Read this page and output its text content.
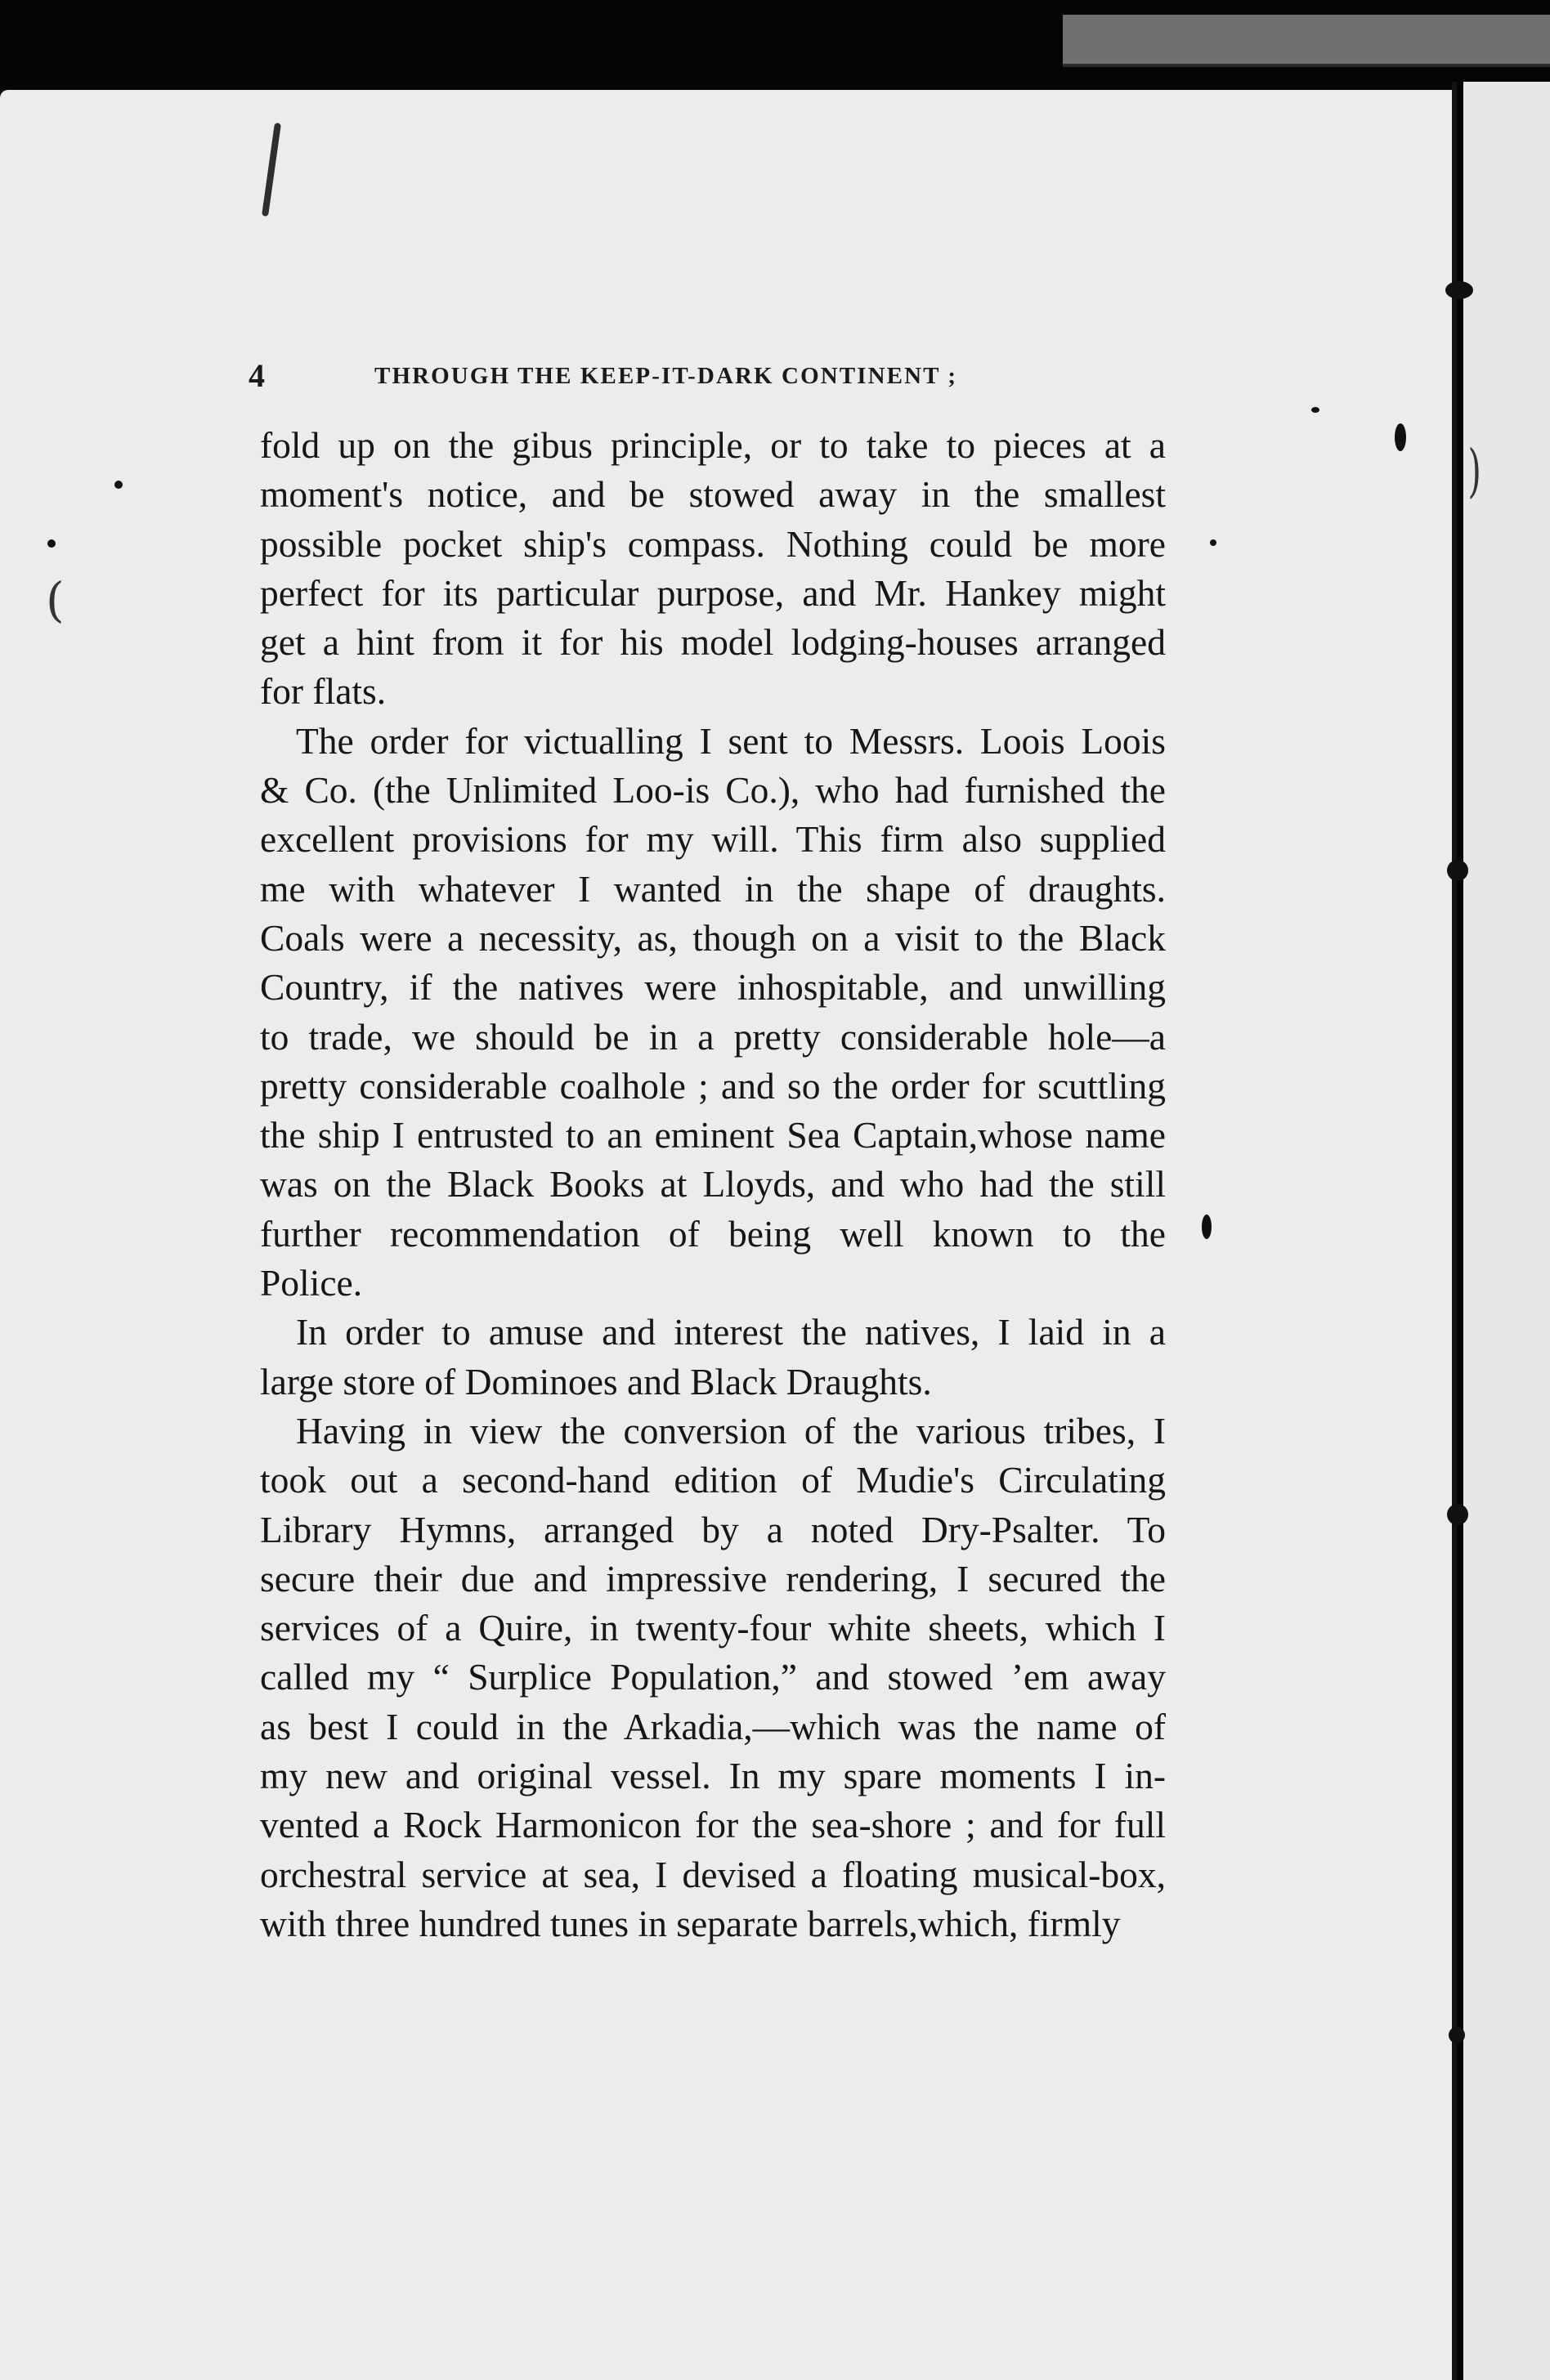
)
(
4	THROUGH THE KEEP-IT-DARK CONTINENT ;
fold up on the gibus principle, or to take to pieces at a
moment's notice, and be stowed away in the smallest
possible pocket ship's compass. Nothing could be more
perfect for its particular purpose, and Mr. Hankey might
get a hint from it for his model lodging-houses arranged
for flats.
The order for victualling I sent to Messrs. Loois Loois
& Co. (the Unlimited Loo-is Co.), who had furnished the
excellent provisions for my will. This firm also supplied
me with whatever I wanted in the shape of draughts.
Coals were a necessity, as, though on a visit to the Black
Country, if the natives were inhospitable, and unwilling
to trade, we should be in a pretty considerable hole—a
pretty considerable coalhole ; and so the order for scuttling
the ship I entrusted to an eminent Sea Captain,whose name
was on the Black Books at Lloyds, and who had the still
further recommendation of being well known to the
Police.
In order to amuse and interest the natives, I laid in a
large store of Dominoes and Black Draughts.
Having in view the conversion of the various tribes, I
took out a second-hand edition of Mudie's Circulating
Library Hymns, arranged by a noted Dry-Psalter. To
secure their due and impressive rendering, I secured the
services of a Quire, in twenty-four white sheets, which I
called my “ Surplice Population,” and stowed ’em away
as best I could in the Arkadia,—which was the name of
my new and original vessel. In my spare moments I in-
vented a Rock Harmonicon for the sea-shore ; and for full
orchestral service at sea, I devised a floating musical-box,
with three hundred tunes in separate barrels,which, firmly
